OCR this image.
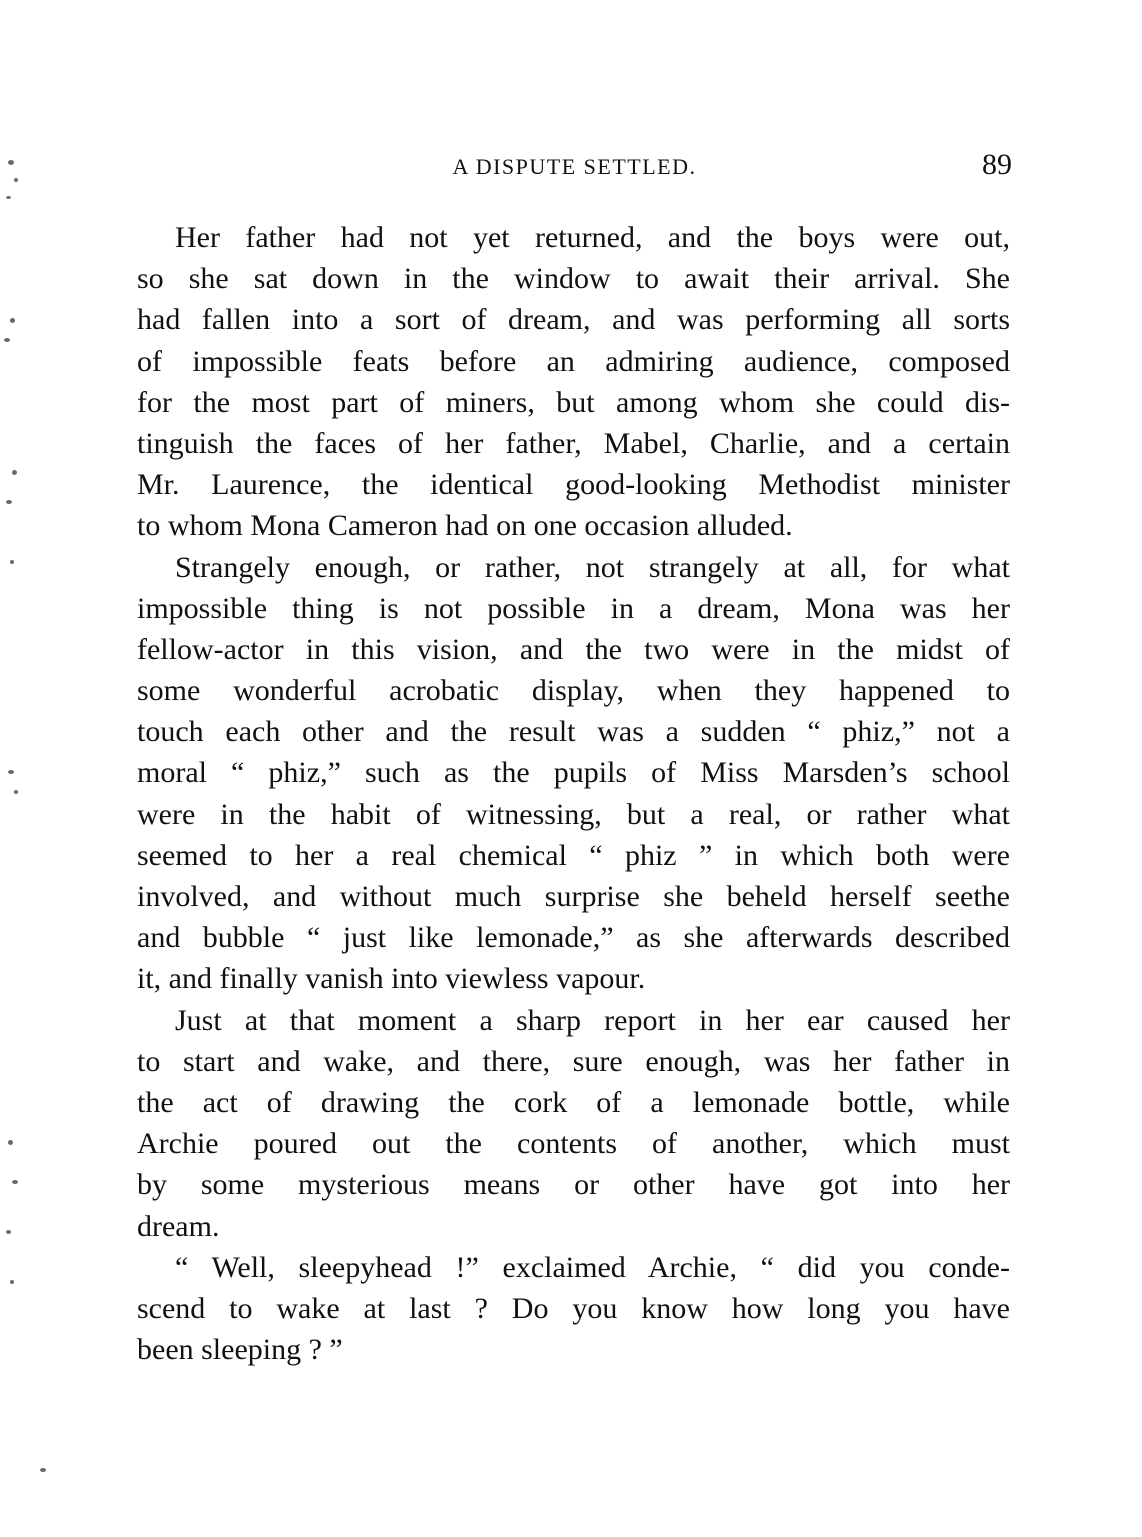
A DISPUTE SETTLED.	89

Her father had not yet returned, and the boys were out,
so she sat down in the window to await their arrival. She
had fallen into a sort of dream, and was performing all sorts
of impossible feats before an admiring audience, composed
for the most part of miners, but among whom she could dis-
tinguish the faces of her father, Mabel, Charlie, and a certain
Mr. Laurence, the identical good-looking Methodist minister
to whom Mona Cameron had on one occasion alluded.

Strangely enough, or rather, not strangely at all, for what
impossible thing is not possible in a dream, Mona was her
fellow-actor in this vision, and the two were in the midst of
some wonderful acrobatic display, when they happened to
touch each other and the result was a sudden “ phiz,” not a
moral “ phiz,” such as the pupils of Miss Marsden’s school
were in the habit of witnessing, but a real, or rather what
seemed to her a real chemical “ phiz ” in which both were
involved, and without much surprise she beheld herself seethe
and bubble “ just like lemonade,” as she afterwards described
it, and finally vanish into viewless vapour.

Just at that moment a sharp report in her ear caused her
to start and wake, and there, sure enough, was her father in
the act of drawing the cork of a lemonade bottle, while
Archie poured out the contents of another, which must
by some mysterious means or other have got into her
dream.

“ Well, sleepyhead !” exclaimed Archie, “ did you conde-
scend to wake at last ? Do you know how long you have
been sleeping ? ”
